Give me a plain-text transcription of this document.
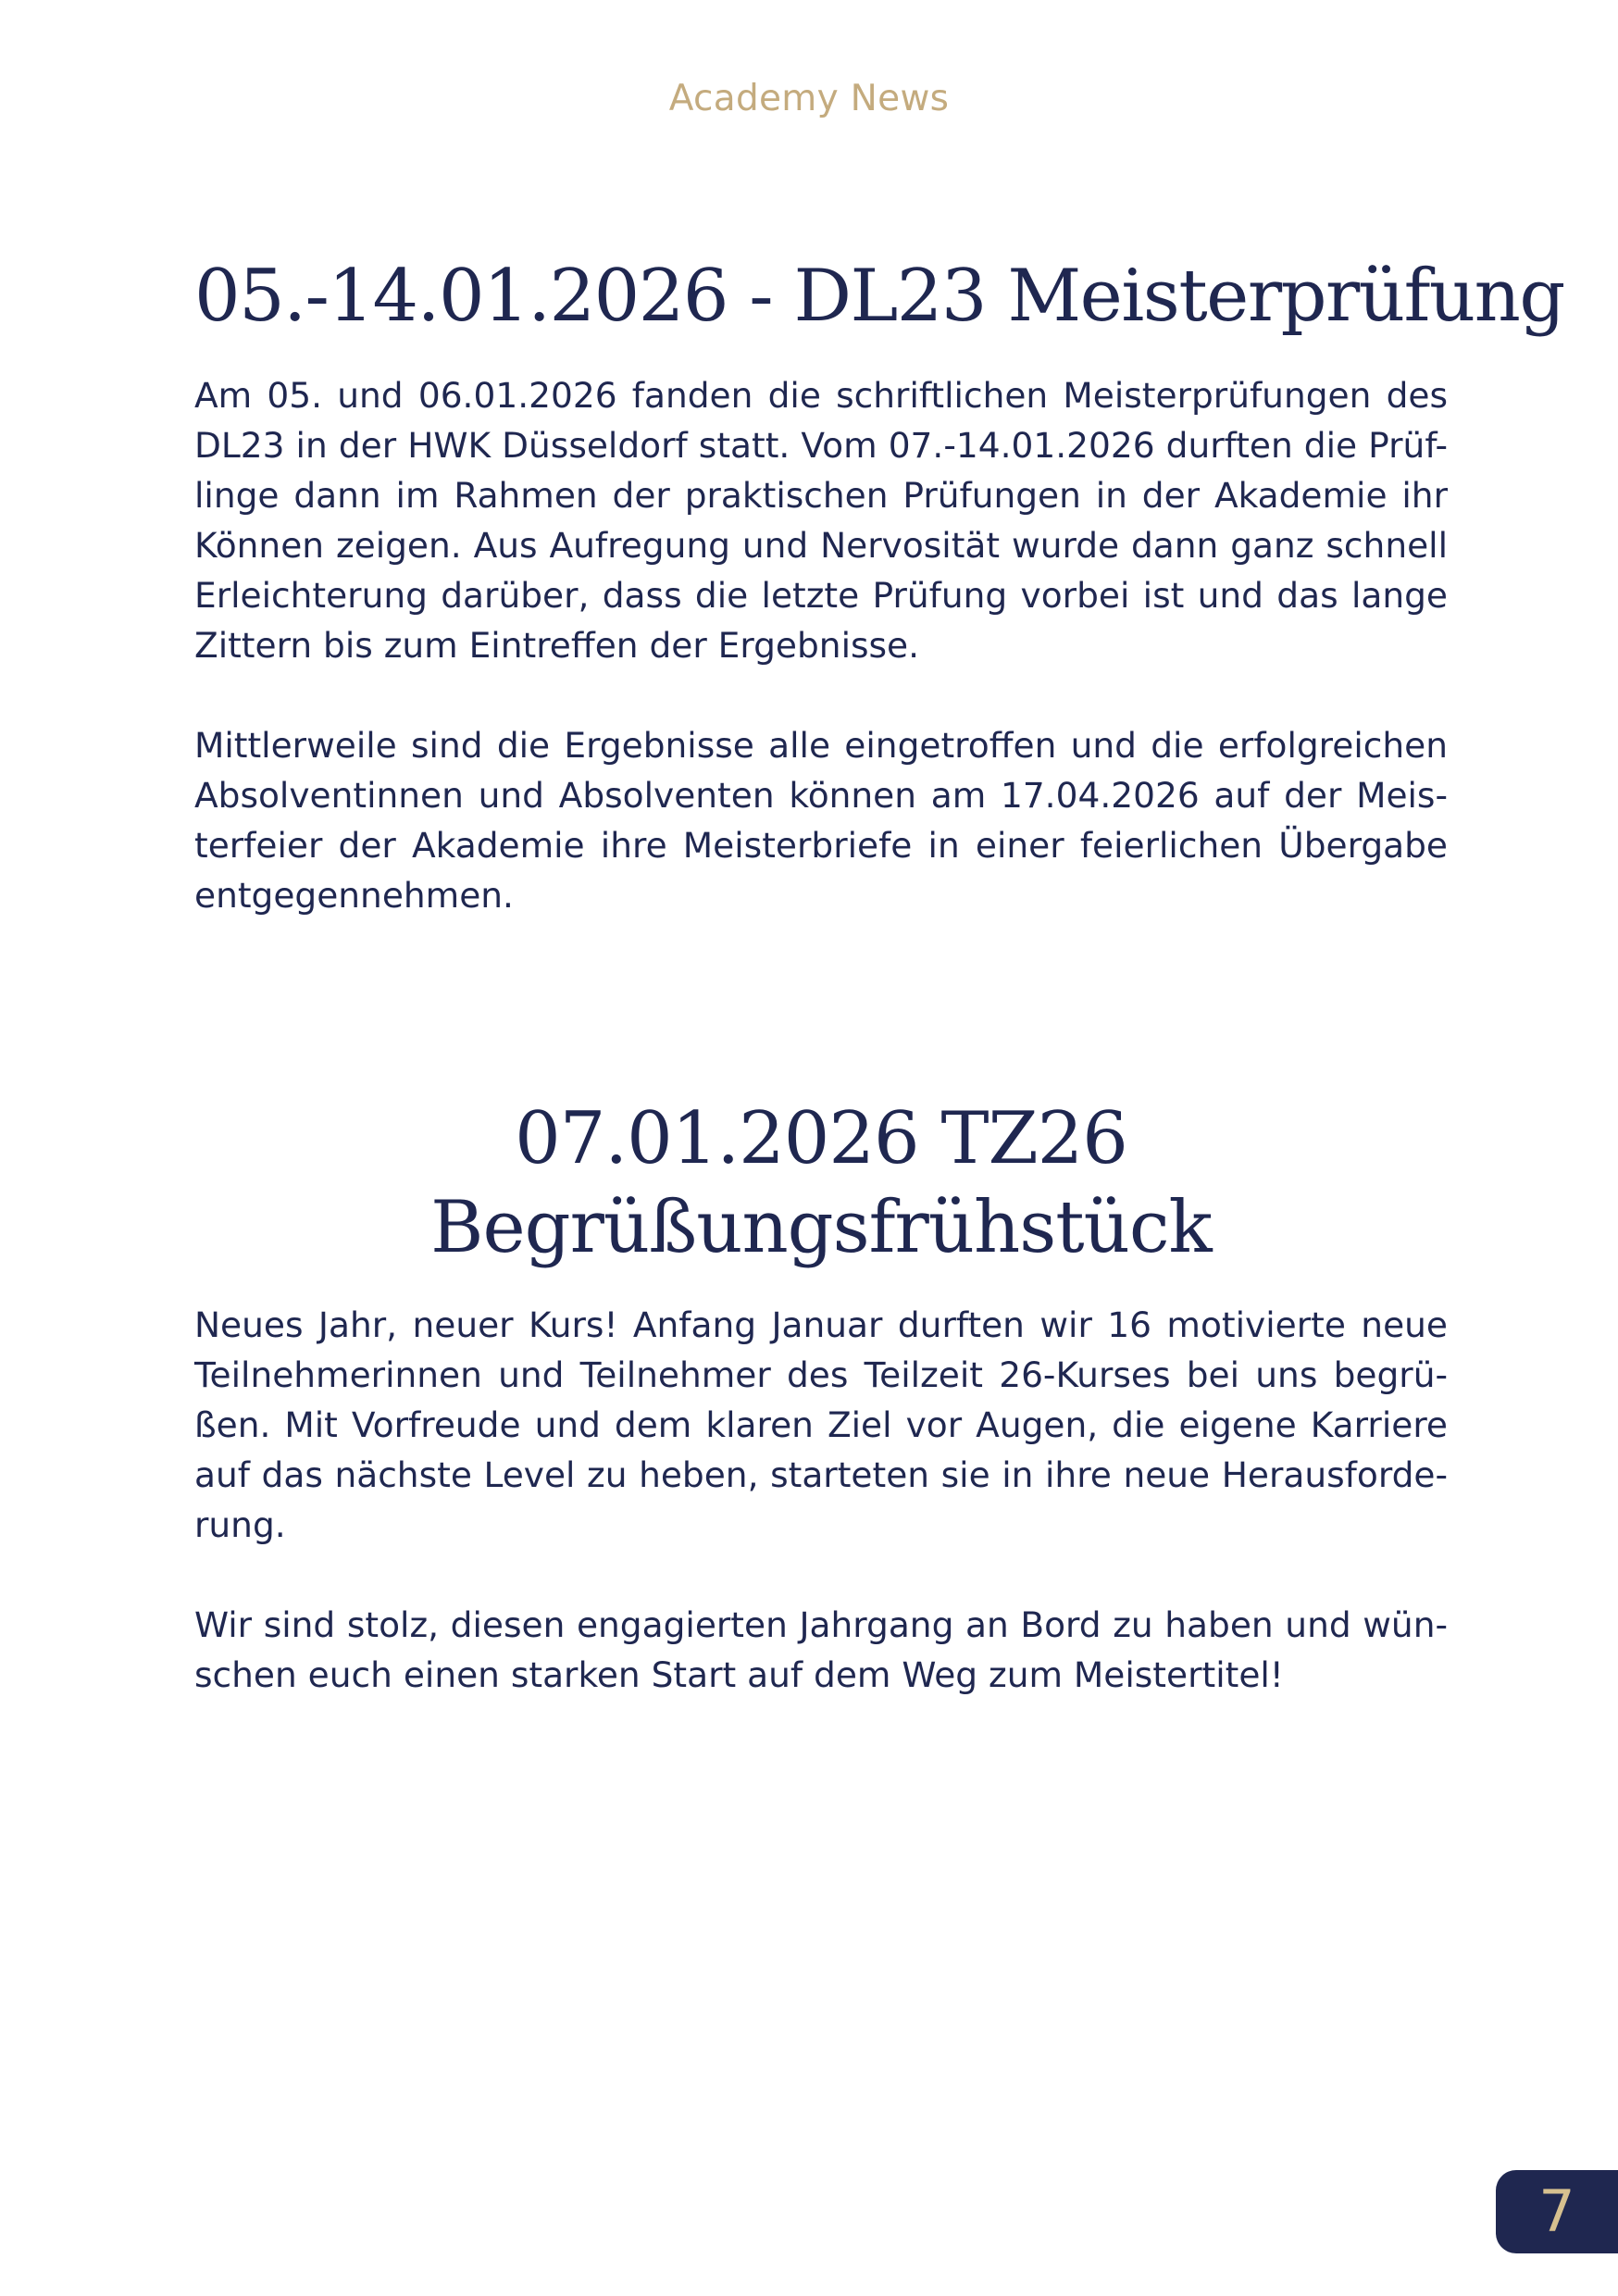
Academy News
05.-14.01.2026 - DL23 Meisterprüfung

Am 05. und 06.01.2026 fanden die schriftlichen Meisterprüfungen des
DL23 in der HWK Düsseldorf statt. Vom 07.-14.01.2026 durften die Prüf-
linge dann im Rahmen der praktischen Prüfungen in der Akademie ihr
Können zeigen. Aus Aufregung und Nervosität wurde dann ganz schnell
Erleichterung darüber, dass die letzte Prüfung vorbei ist und das lange
Zittern bis zum Eintreffen der Ergebnisse.

Mittlerweile sind die Ergebnisse alle eingetroffen und die erfolgreichen
Absolventinnen und Absolventen können am 17.04.2026 auf der Meis-
terfeier der Akademie ihre Meisterbriefe in einer feierlichen Übergabe
entgegennehmen.

07.01.2026 TZ26
Begrüßungsfrühstück

Neues Jahr, neuer Kurs! Anfang Januar durften wir 16 motivierte neue
Teilnehmerinnen und Teilnehmer des Teilzeit 26-Kurses bei uns begrü-
ßen. Mit Vorfreude und dem klaren Ziel vor Augen, die eigene Karriere
auf das nächste Level zu heben, starteten sie in ihre neue Herausforde-
rung.

Wir sind stolz, diesen engagierten Jahrgang an Bord zu haben und wün-
schen euch einen starken Start auf dem Weg zum Meistertitel!

7
